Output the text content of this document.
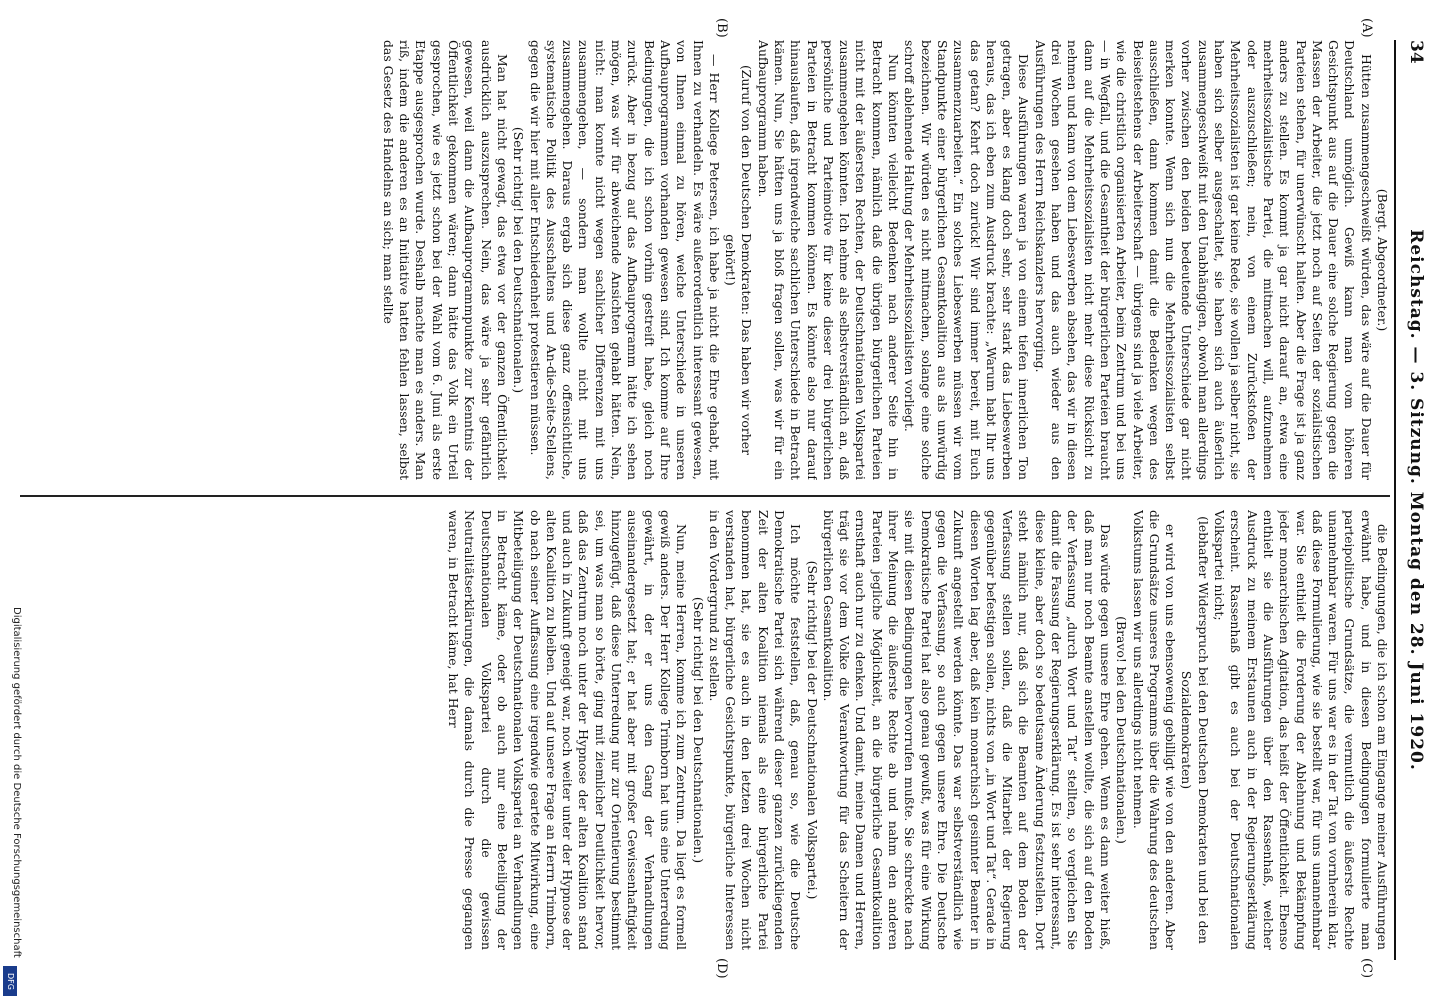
34
Reichstag. — 3. Sitzung. Montag den 28. Juni 1920.
(A)
(B)
(C)
(D)

(Bergt. Abgeordneter.)

Hütten zusammengeschweißt würden, das wäre auf die Dauer für Deutschland unmöglich. Gewiß kann man vom höheren Gesichtspunkt aus auf die Dauer eine solche Regierung gegen die Massen der Arbeiter, die jetzt noch auf Seiten der sozialistischen Parteien stehen, für unerwünscht halten. Aber die Frage ist ja ganz anders zu stellen. Es kommt ja gar nicht darauf an, etwa eine mehrheitssozialistische Partei, die mitmachen will, aufzunehmen oder auszuschließen; nein, von einem Zurückstoßen der Mehrheitssozialisten ist gar keine Rede, sie wollen ja selber nicht, sie haben sich selber ausgeschaltet, sie haben sich auch äußerlich zusammengeschweißt mit den Unabhängigen, obwohl man allerdings vorher zwischen den beiden bedeutende Unterschiede gar nicht merken konnte. Wenn sich nun die Mehrheitssozialisten selbst ausschließen, dann kommen damit die Bedenken wegen des Beiseitestehens der Arbeiterschaft — übrigens sind ja viele Arbeiter, wie die christlich organisierten Arbeiter, beim Zentrum und bei uns — in Wegfall, und die Gesamtheit der bürgerlichen Parteien braucht dann auf die Mehrheitssozialisten nicht mehr diese Rücksicht zu nehmen und kann von dem Liebeswerben absehen, das wir in diesen drei Wochen gesehen haben und das auch wieder aus den Ausführungen des Herrn Reichskanzlers hervorging.

Diese Ausführungen waren ja von einem tiefen innerlichen Ton getragen, aber es klang doch sehr, sehr stark das Liebeswerben heraus, das ich eben zum Ausdruck brachte: „Warum habt Ihr uns das getan? Kehrt doch zurück! Wir sind immer bereit, mit Euch zusammenzuarbeiten.“ Ein solches Liebeswerben müssen wir vom Standpunkte einer bürgerlichen Gesamtkoalition aus als unwürdig bezeichnen. Wir würden es nicht mitmachen, solange eine solche schroff ablehnende Haltung der Mehrheitssozialisten vorliegt.

Nun könnten vielleicht Bedenken nach anderer Seite hin in Betracht kommen, nämlich daß die übrigen bürgerlichen Parteien nicht mit der äußersten Rechten, der Deutschnationalen Volkspartei zusammengehen könnten. Ich nehme als selbstverständlich an, daß persönliche und Parteimotive für keine dieser drei bürgerlichen Parteien in Betracht kommen können. Es könnte also nur darauf hinauslaufen, daß irgendwelche sachlichen Unterschiede in Betracht kämen. Nun, Sie hätten uns ja bloß fragen sollen, was wir für ein Aufbauprogramm haben.

(Zuruf von den Deutschen Demokraten: Das haben wir vorher gehört!)

— Herr Kollege Petersen, ich habe ja nicht die Ehre gehabt, mit Ihnen zu verhandeln. Es wäre außerordentlich interessant gewesen, von Ihnen einmal zu hören, welche Unterschiede in unseren Aufbauprogrammen vorhanden gewesen sind. Ich komme auf Ihre Bedingungen, die ich schon vorhin gestreift habe, gleich noch zurück. Aber in bezug auf das Aufbauprogramm hätte ich sehen mögen, was wir für abweichende Ansichten gehabt hätten. Nein, nicht: man konnte nicht wegen sachlicher Differenzen mit uns zusammengehen, — sondern man wollte nicht mit uns zusammengehen. Daraus ergab sich diese ganz offensichtliche, systematische Politik des Ausschaltens und An-die-Seite-Stellens, gegen die wir hier mit aller Entschiedenheit protestieren müssen.

(Sehr richtig! bei den Deutschnationalen.)

Man hat nicht gewagt, das etwa vor der ganzen Öffentlichkeit ausdrücklich auszusprechen. Nein, das wäre ja sehr gefährlich gewesen, weil dann die Aufbauprogrammpunkte zur Kenntnis der Öffentlichkeit gekommen wären; dann hätte das Volk ein Urteil gesprochen, wie es jetzt schon bei der Wahl vom 6. Juni als erste Etappe ausgesprochen wurde. Deshalb machte man es anders. Man riß, indem die anderen es an Initiative hatten fehlen lassen, selbst das Gesetz des Handelns an sich; man stellte

die Bedingungen, die ich schon am Eingange meiner Ausführungen erwähnt habe, und in diesen Bedingungen formulierte man parteipolitische Grundsätze, die vermutlich die äußerste Rechte unannehmbar waren. Für uns war es in der Tat von vornherein klar, daß diese Formulierung, wie sie bestellt war, für uns unannehmbar war. Sie enthielt die Forderung der Ablehnung und Bekämpfung jeder monarchischen Agitation, das heißt der Öffentlichkeit. Ebenso enthielt sie die Ausführungen über den Rassenhaß, welcher Ausdruck zu meinem Erstaunen auch in der Regierungserklärung erscheint. Rassenhaß gibt es auch bei der Deutschnationalen Volkspartei nicht;

(lebhafter Widerspruch bei den Deutschen Demokraten und bei den Sozialdemokraten)

er wird von uns ebensowenig gebilligt wie von den anderen. Aber die Grundsätze unseres Programms über die Wahrung des deutschen Volkstums lassen wir uns allerdings nicht nehmen.

(Bravo! bei den Deutschnationalen.)

Das würde gegen unsere Ehre gehen. Wenn es dann weiter hieß, daß man nur noch Beamte anstellen wollte, die sich auf den Boden der Verfassung „durch Wort und Tat“ stellten, so vergleichen Sie damit die Fassung der Regierungserklärung. Es ist sehr interessant, diese kleine, aber doch so bedeutsame Änderung festzustellen. Dort steht nämlich nur, daß sich die Beamten auf dem Boden der Verfassung stellen sollen, daß die Mitarbeit der Regierung gegenüber befestigen sollen, nichts von „in Wort und Tat“. Gerade in diesen Worten lag aber, daß kein monarchisch gesinnter Beamter in Zukunft angestellt werden könnte. Das war selbstverständlich wie gegen die Verfassung, so auch gegen unsere Ehre. Die Deutsche Demokratische Partei hat also genau gewußt, was für eine Wirkung sie mit diesen Bedingungen hervorrufen mußte. Sie schreckte nach ihrer Meinung die äußerste Rechte ab und nahm den anderen Parteien jegliche Möglichkeit, an die bürgerliche Gesamtkoalition ernsthaft auch nur zu denken. Und damit, meine Damen und Herren, trägt sie vor dem Volke die Verantwortung für das Scheitern der bürgerlichen Gesamtkoalition.

(Sehr richtig! bei der Deutschnationalen Volkspartei.)

Ich möchte feststellen, daß, genau so, wie die Deutsche Demokratische Partei sich während dieser ganzen zurückliegenden Zeit der alten Koalition niemals als eine bürgerliche Partei benommen hat, sie es auch in den letzten drei Wochen nicht verstanden hat, bürgerliche Gesichtspunkte, bürgerliche Interessen in den Vordergrund zu stellen.

(Sehr richtig! bei den Deutschnationalen.)

Nun, meine Herren, komme ich zum Zentrum. Da liegt es formell gewiß anders. Der Herr Kollege Trimborn hat uns eine Unterredung gewährt, in der er uns den Gang der Verhandlungen auseinandergesetzt hat; er hat aber mit großer Gewissenhaftigkeit hinzugefügt, daß diese Unterredung nur zur Orientierung bestimmt sei, um was man so hörte, ging mit ziemlicher Deutlichkeit hervor, daß das Zentrum noch unter der Hypnose der alten Koalition stand und auch in Zukunft geneigt war, noch weiter unter der Hypnose der alten Koalition zu bleiben. Und auf unsere Frage an Herrn Trimborn, ob nach seiner Auffassung eine irgendwie geartete Mitwirkung, eine Mitbeteiligung der Deutschnationalen Volkspartei an Verhandlungen in Betracht käme, oder ob auch nur eine Beteiligung der Deutschnationalen Volkspartei durch die gewissen Neutralitätserklärungen, die damals durch die Presse gegangen waren, in Betracht käme, hat Herr

Digitalisierung gefördert durch die Deutsche Forschungsgemeinschaft
DFG
